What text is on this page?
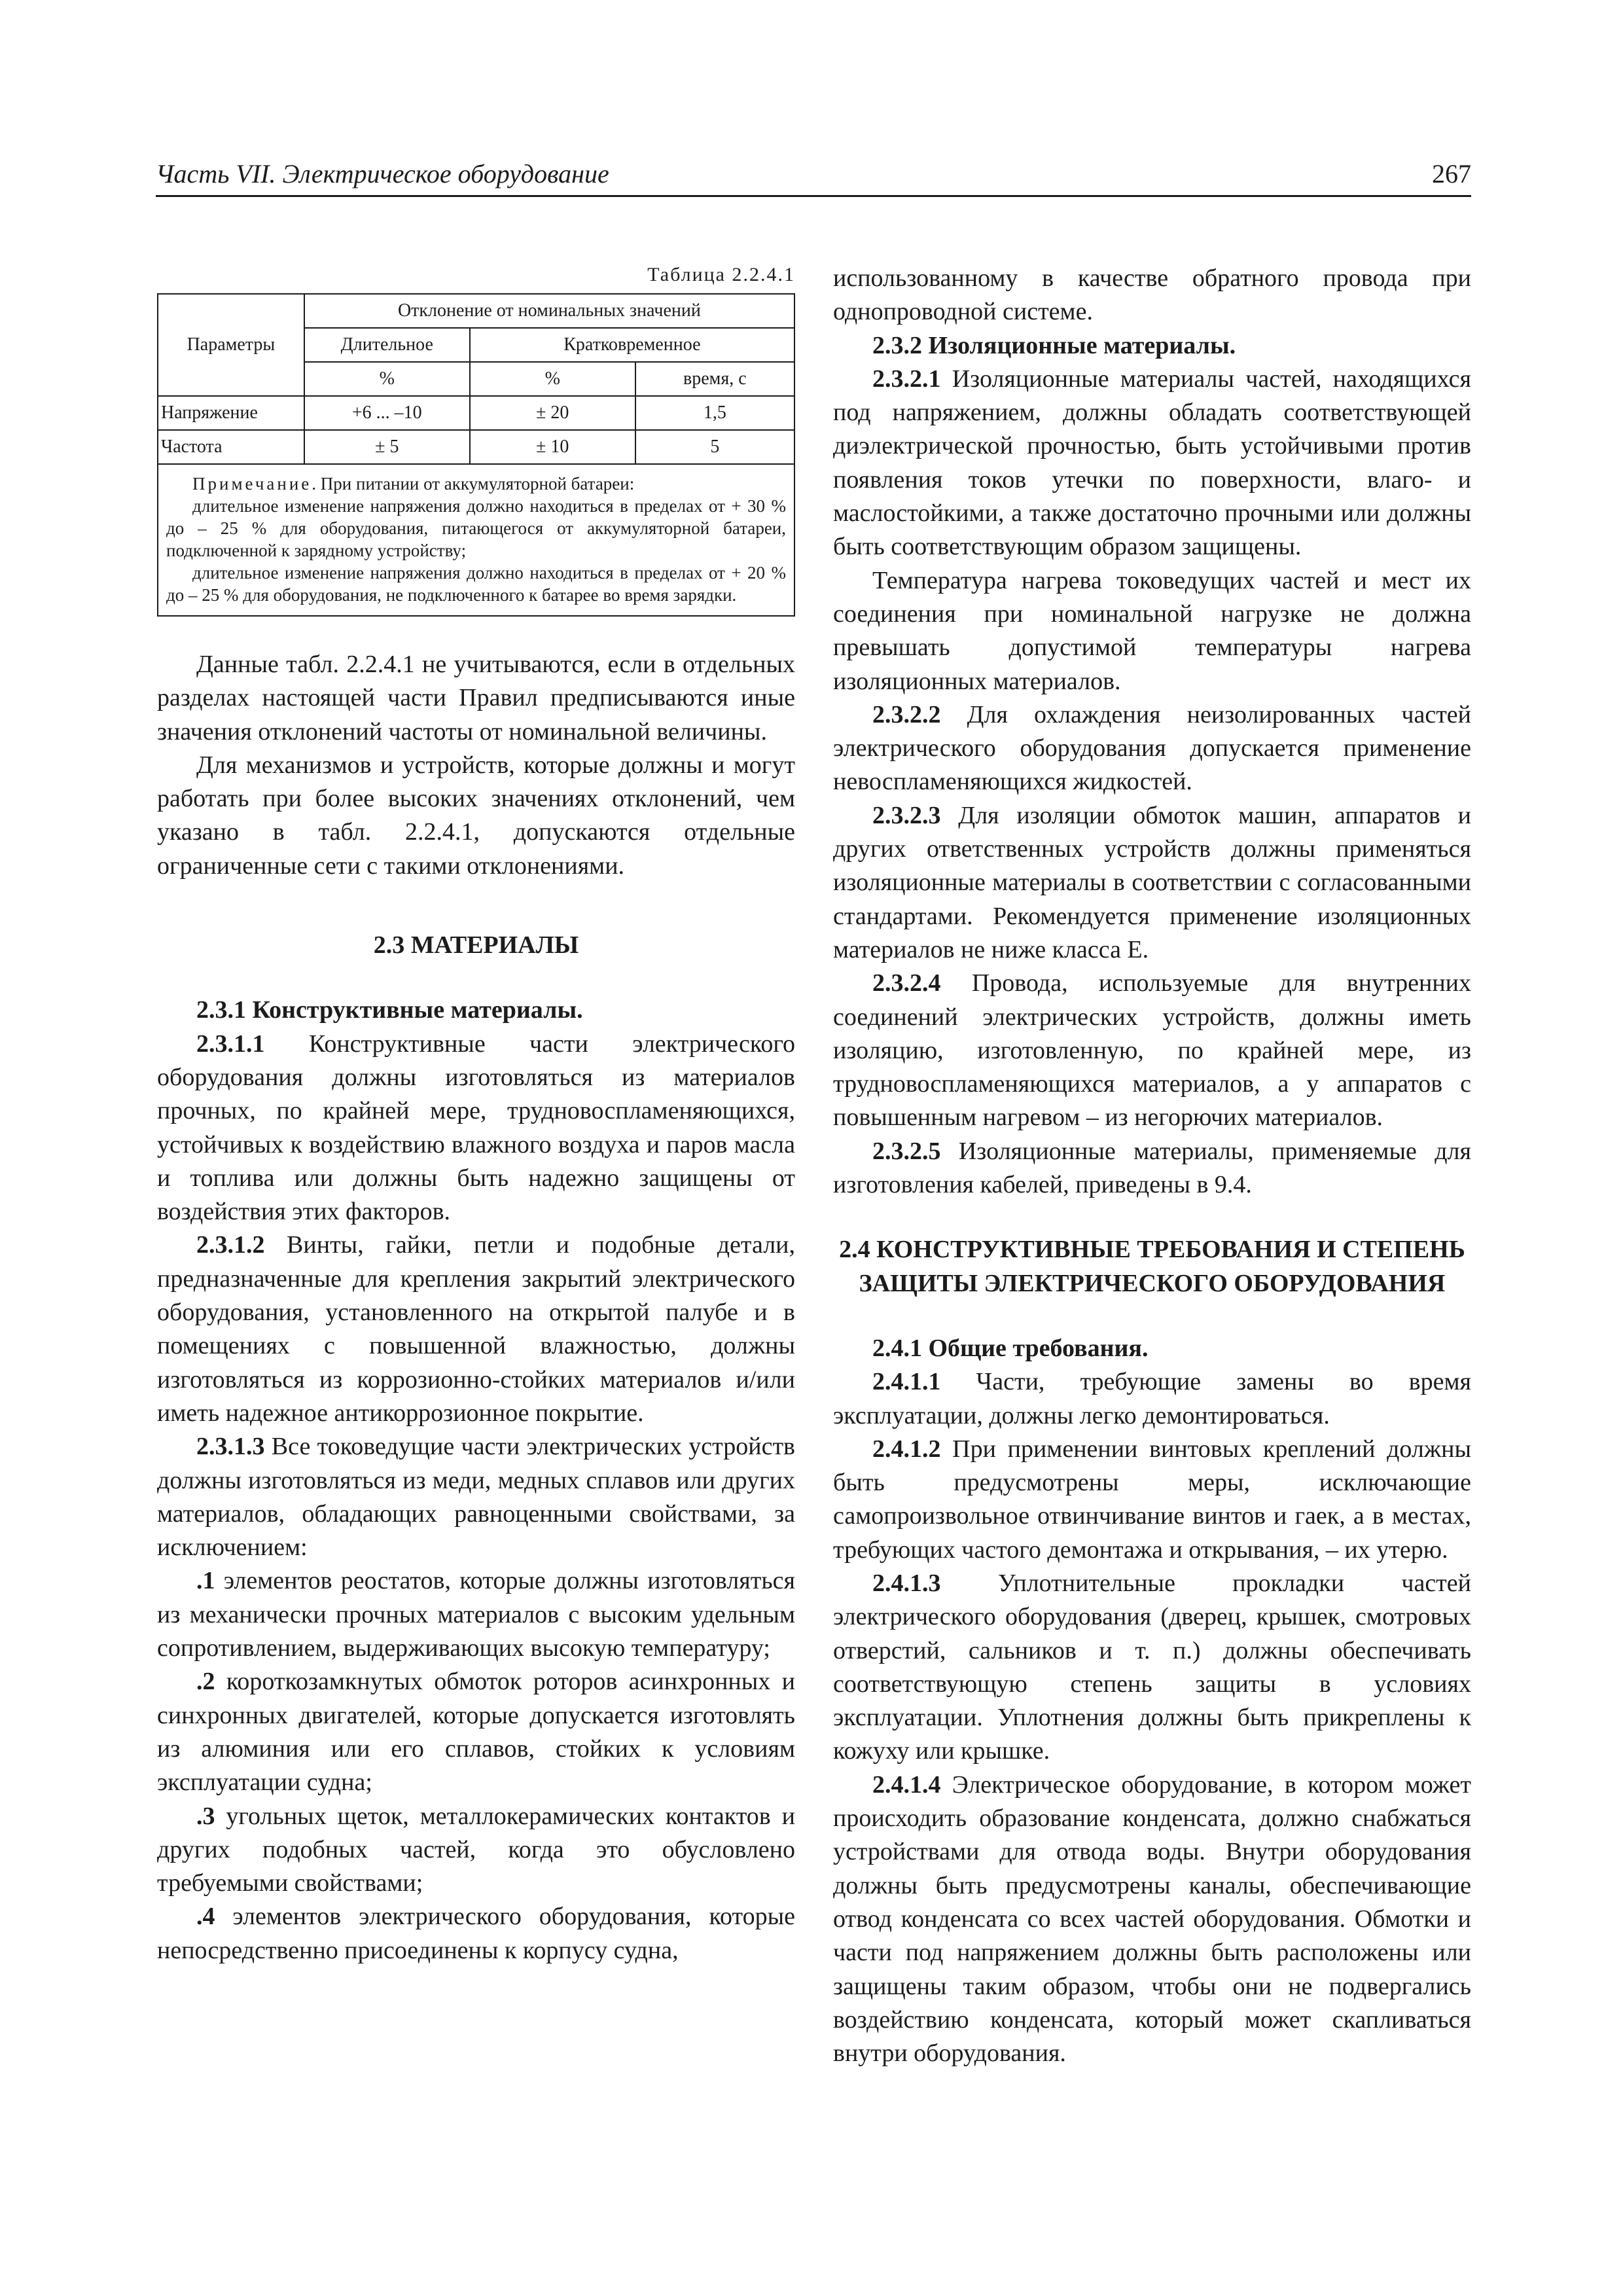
Часть VII. Электрическое оборудование	267
Таблица 2.2.4.1
Параметры	Отклонение от номинальных значений		
	Длительное	Кратковременное	
	%	%	время, с
Напряжение	+6 ... –10	± 20	1,5
Частота	± 5	± 10	5

Примечание. При питании от аккумуляторной батареи:

длительное изменение напряжения должно находиться в пределах от + 30 % до – 25 % для оборудования, питающегося от аккумуляторной батареи, подключенной к зарядному устройству;

длительное изменение напряжения должно находиться в пределах от + 20 % до – 25 % для оборудования, не подключенного к батарее во время зарядки.

Данные табл. 2.2.4.1 не учитываются, если в отдельных разделах настоящей части Правил предписываются иные значения отклонений частоты от номинальной величины.

Для механизмов и устройств, которые должны и могут работать при более высоких значениях отклонений, чем указано в табл. 2.2.4.1, допускаются отдельные ограниченные сети с такими отклонениями.

2.3 МАТЕРИАЛЫ

2.3.1 Конструктивные материалы.

2.3.1.1 Конструктивные части электрического оборудования должны изготовляться из материалов прочных, по крайней мере, трудновоспламеняющихся, устойчивых к воздействию влажного воздуха и паров масла и топлива или должны быть надежно защищены от воздействия этих факторов.

2.3.1.2 Винты, гайки, петли и подобные детали, предназначенные для крепления закрытий электрического оборудования, установленного на открытой палубе и в помещениях с повышенной влажностью, должны изготовляться из коррозионно-стойких материалов и/или иметь надежное антикоррозионное покрытие.

2.3.1.3 Все токоведущие части электрических устройств должны изготовляться из меди, медных сплавов или других материалов, обладающих равноценными свойствами, за исключением:

.1 элементов реостатов, которые должны изготовляться из механически прочных материалов с высоким удельным сопротивлением, выдерживающих высокую температуру;

.2 короткозамкнутых обмоток роторов асинхронных и синхронных двигателей, которые допускается изготовлять из алюминия или его сплавов, стойких к условиям эксплуатации судна;

.3 угольных щеток, металлокерамических контактов и других подобных частей, когда это обусловлено требуемыми свойствами;

.4 элементов электрического оборудования, которые непосредственно присоединены к корпусу судна,

использованному в качестве обратного провода при однопроводной системе.

2.3.2 Изоляционные материалы.

2.3.2.1 Изоляционные материалы частей, находящихся под напряжением, должны обладать соответствующей диэлектрической прочностью, быть устойчивыми против появления токов утечки по поверхности, влаго- и маслостойкими, а также достаточно прочными или должны быть соответствующим образом защищены.

Температура нагрева токоведущих частей и мест их соединения при номинальной нагрузке не должна превышать допустимой температуры нагрева изоляционных материалов.

2.3.2.2 Для охлаждения неизолированных частей электрического оборудования допускается применение невоспламеняющихся жидкостей.

2.3.2.3 Для изоляции обмоток машин, аппаратов и других ответственных устройств должны применяться изоляционные материалы в соответствии с согласованными стандартами. Рекомендуется применение изоляционных материалов не ниже класса E.

2.3.2.4 Провода, используемые для внутренних соединений электрических устройств, должны иметь изоляцию, изготовленную, по крайней мере, из трудновоспламеняющихся материалов, а у аппаратов с повышенным нагревом – из негорючих материалов.

2.3.2.5 Изоляционные материалы, применяемые для изготовления кабелей, приведены в 9.4.

2.4 КОНСТРУКТИВНЫЕ ТРЕБОВАНИЯ И СТЕПЕНЬ

ЗАЩИТЫ ЭЛЕКТРИЧЕСКОГО ОБОРУДОВАНИЯ

2.4.1 Общие требования.

2.4.1.1 Части, требующие замены во время эксплуатации, должны легко демонтироваться.

2.4.1.2 При применении винтовых креплений должны быть предусмотрены меры, исключающие самопроизвольное отвинчивание винтов и гаек, а в местах, требующих частого демонтажа и открывания, – их утерю.

2.4.1.3 Уплотнительные прокладки частей электрического оборудования (дверец, крышек, смотровых отверстий, сальников и т. п.) должны обеспечивать соответствующую степень защиты в условиях эксплуатации. Уплотнения должны быть прикреплены к кожуху или крышке.

2.4.1.4 Электрическое оборудование, в котором может происходить образование конденсата, должно снабжаться устройствами для отвода воды. Внутри оборудования должны быть предусмотрены каналы, обеспечивающие отвод конденсата со всех частей оборудования. Обмотки и части под напряжением должны быть расположены или защищены таким образом, чтобы они не подвергались воздействию конденсата, который может скапливаться внутри оборудования.
